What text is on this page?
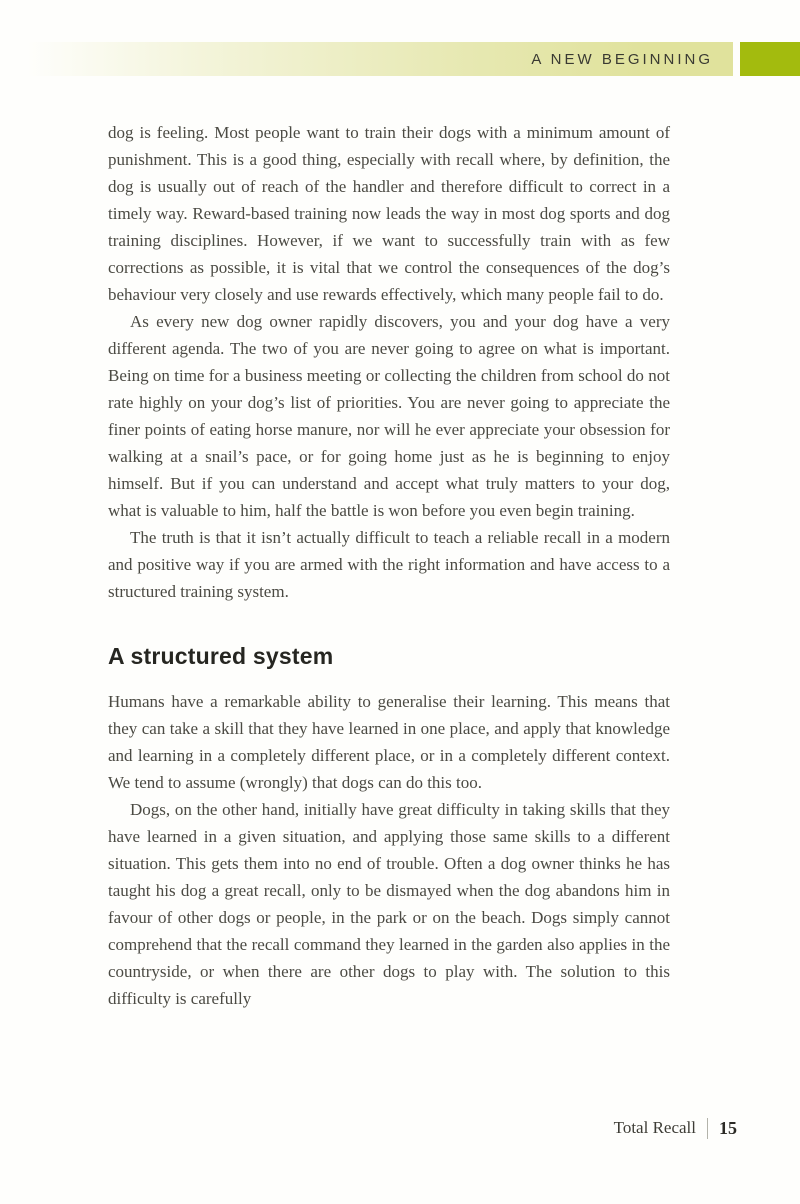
A NEW BEGINNING

dog is feeling. Most people want to train their dogs with a minimum amount of punishment. This is a good thing, especially with recall where, by definition, the dog is usually out of reach of the handler and therefore difficult to correct in a timely way. Reward-based training now leads the way in most dog sports and dog training disciplines. However, if we want to successfully train with as few corrections as possible, it is vital that we control the consequences of the dog’s behaviour very closely and use rewards effectively, which many people fail to do.

As every new dog owner rapidly discovers, you and your dog have a very different agenda. The two of you are never going to agree on what is important. Being on time for a business meeting or collecting the children from school do not rate highly on your dog’s list of priorities. You are never going to appreciate the finer points of eating horse manure, nor will he ever appreciate your obsession for walking at a snail’s pace, or for going home just as he is beginning to enjoy himself. But if you can understand and accept what truly matters to your dog, what is valuable to him, half the battle is won before you even begin training.

The truth is that it isn’t actually difficult to teach a reliable recall in a modern and positive way if you are armed with the right information and have access to a structured training system.

A structured system

Humans have a remarkable ability to generalise their learning. This means that they can take a skill that they have learned in one place, and apply that knowledge and learning in a completely different place, or in a completely different context. We tend to assume (wrongly) that dogs can do this too.

Dogs, on the other hand, initially have great difficulty in taking skills that they have learned in a given situation, and applying those same skills to a different situation. This gets them into no end of trouble. Often a dog owner thinks he has taught his dog a great recall, only to be dismayed when the dog abandons him in favour of other dogs or people, in the park or on the beach. Dogs simply cannot comprehend that the recall command they learned in the garden also applies in the countryside, or when there are other dogs to play with. The solution to this difficulty is carefully

Total Recall 15
